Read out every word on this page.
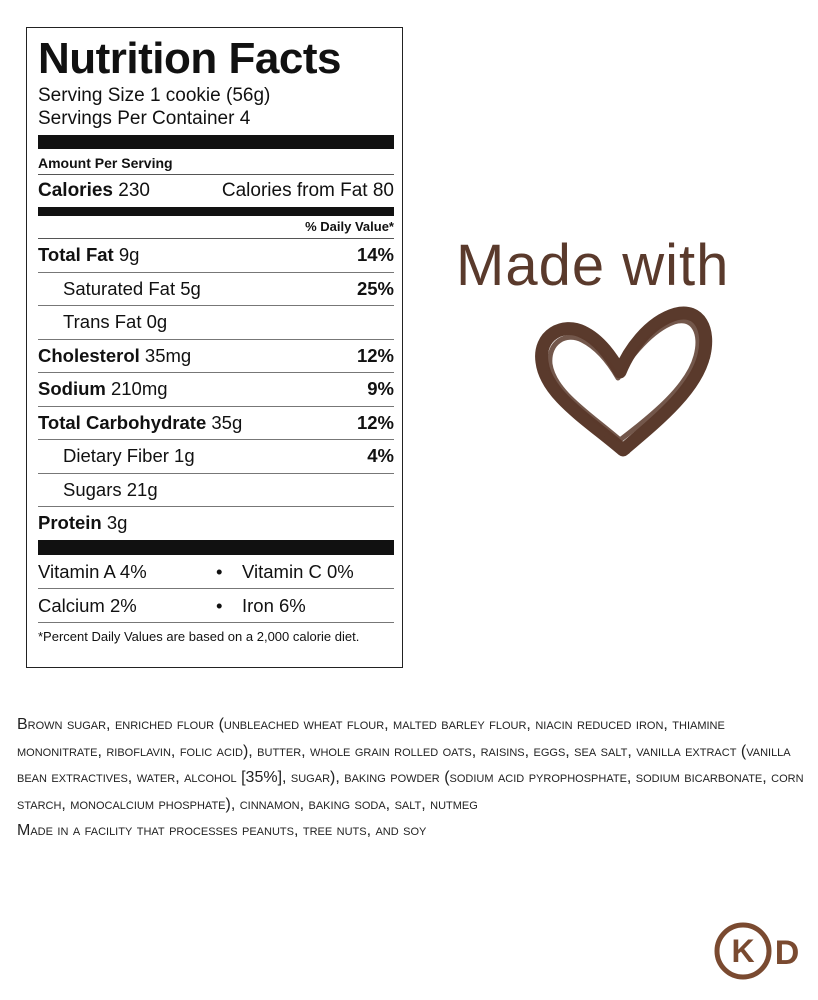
Nutrition Facts
Serving Size 1 cookie (56g)
Servings Per Container 4
Amount Per Serving
Calories 230	Calories from Fat 80
% Daily Value*
Total Fat 9g	14%
Saturated Fat 5g	25%
Trans Fat 0g
Cholesterol 35mg	12%
Sodium 210mg	9%
Total Carbohydrate 35g	12%
Dietary Fiber 1g	4%
Sugars 21g
Protein 3g
Vitamin A 4%	•	Vitamin C 0%
Calcium 2%	•	Iron 6%
*Percent Daily Values are based on a 2,000 calorie diet.
Made with

Brown sugar, enriched flour (unbleached wheat flour, malted barley flour, niacin reduced iron, thiamine mononitrate, riboflavin, folic acid), butter, whole grain rolled oats, raisins, eggs, sea salt, vanilla extract (vanilla bean extractives, water, alcohol [35%], sugar), baking powder (sodium acid pyrophosphate, sodium bicarbonate, corn starch, monocalcium phosphate), cinnamon, baking soda, salt, nutmeg

Made in a facility that processes peanuts, tree nuts, and soy

K D
